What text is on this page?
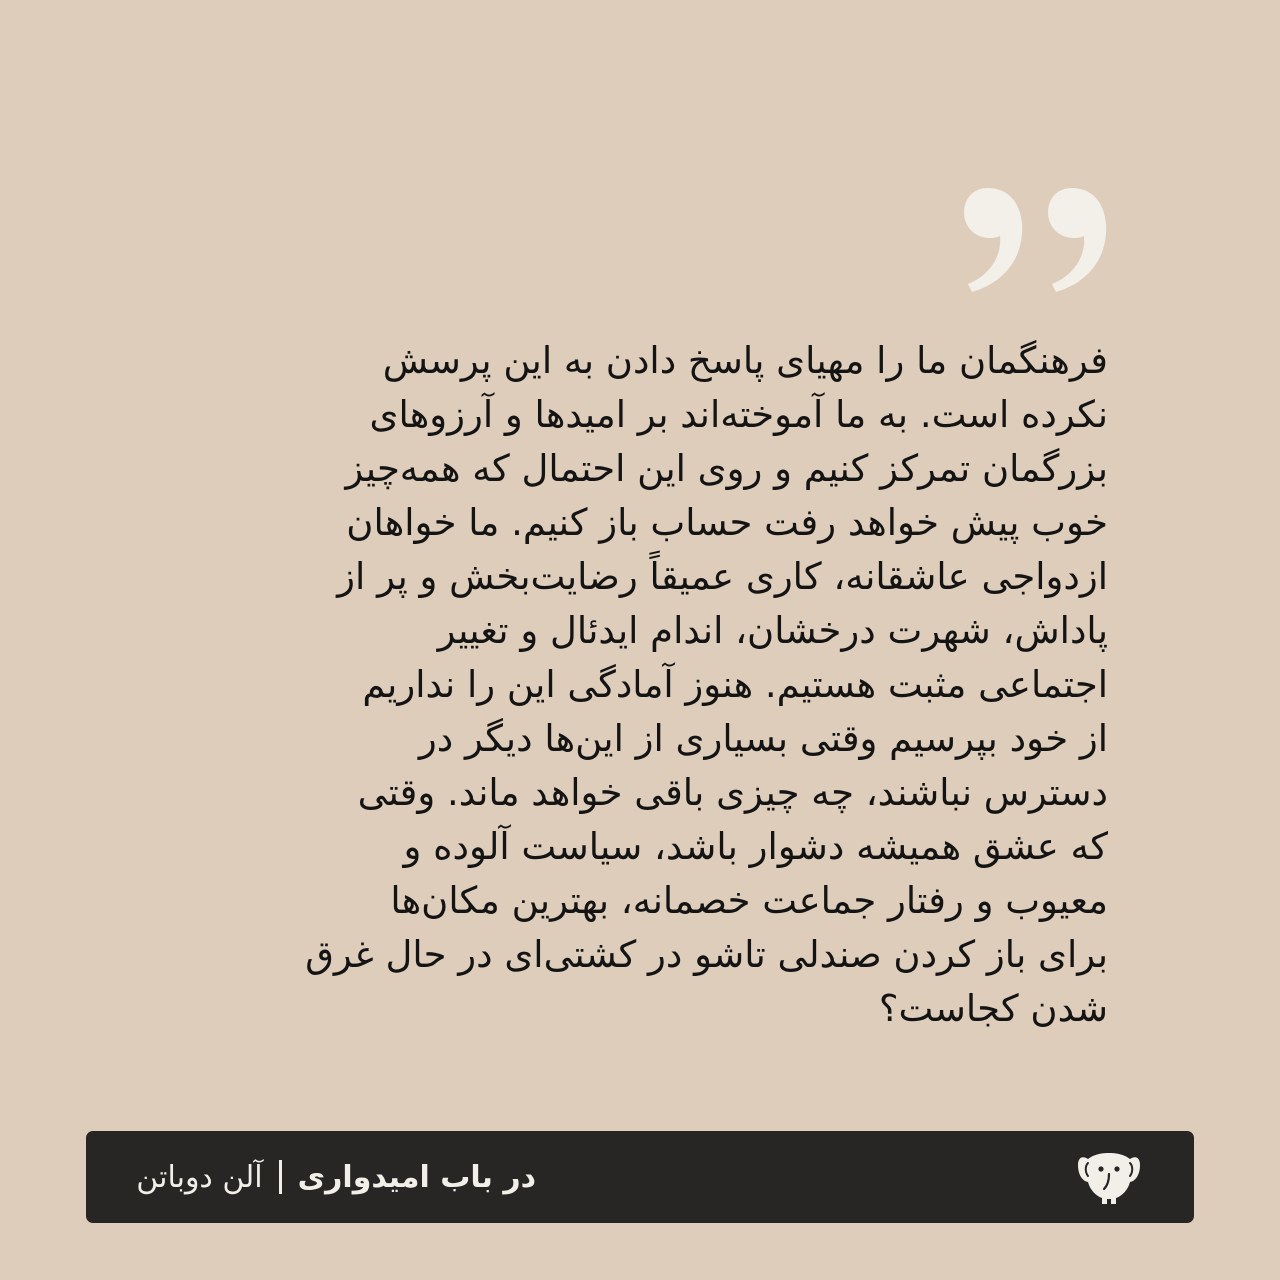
فرهنگمان ما را مهیای پاسخ دادن به این پرسش
نکرده است. به ما آموخته‌اند بر امیدها و آرزوهای
بزرگمان تمرکز کنیم و روی این احتمال که همه‌چیز
خوب پیش خواهد رفت حساب باز کنیم. ما خواهان
ازدواجی عاشقانه، کاری عمیقاً رضایت‌بخش و پر از
پاداش، شهرت درخشان، اندام ایدئال و تغییر
اجتماعی مثبت هستیم. هنوز آمادگی این را نداریم
از خود بپرسیم وقتی بسیاری از این‌ها دیگر در
دسترس نباشند، چه چیزی باقی خواهد ماند. وقتی
که عشق همیشه دشوار باشد، سیاست آلوده و
معیوب و رفتار جماعت خصمانه، بهترین مکان‌ها
برای باز کردن صندلی تاشو در کشتی‌ای در حال غرق
شدن کجاست؟
در باب امیدواری
آلن دوباتن
